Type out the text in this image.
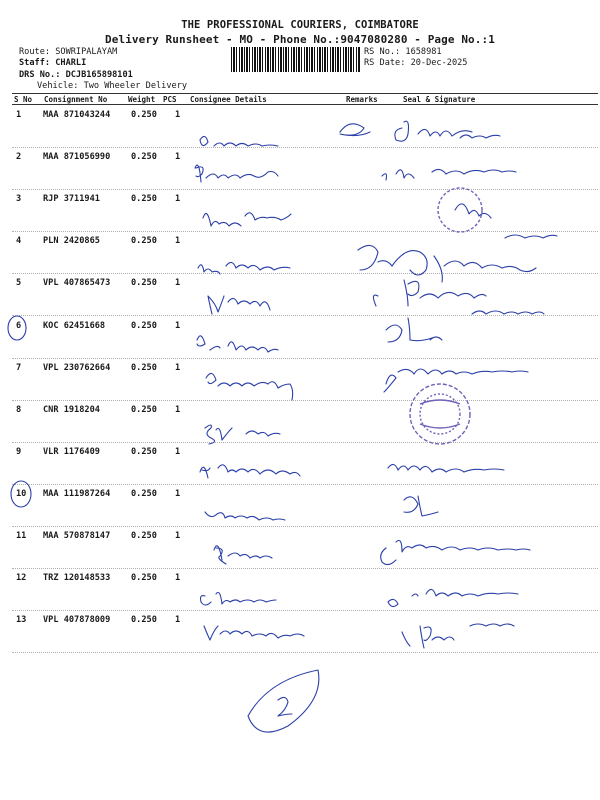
THE PROFESSIONAL COURIERS, COIMBATORE
Delivery Runsheet - MO - Phone No.:9047080280 - Page No.:1
Route: SOWRIPALAYAM
Staff: CHARLI
DRS No.: DCJB165898101
Vehicle: Two Wheeler Delivery
RS No.: 1658981
RS Date: 20-Dec-2025
S No Consignment No	Weight PCS Consignee Details	Remarks	Seal & Signature
1	MAA 871043244 0.250 1
2	MAA 871056990 0.250 1
3	RJP 3711941	0.250 1
4	PLN 2420865	0.250 1
5	VPL 407865473 0.250 1
6	KOC 62451668	0.250 1
7	VPL 230762664 0.250 1
8	CNR 1918204	0.250 1
9	VLR 1176409	0.250 1
10 MAA 111987264 0.250 1
11 MAA 570878147 0.250 1
12 TRZ 120148533 0.250 1
13 VPL 407878009 0.250 1
